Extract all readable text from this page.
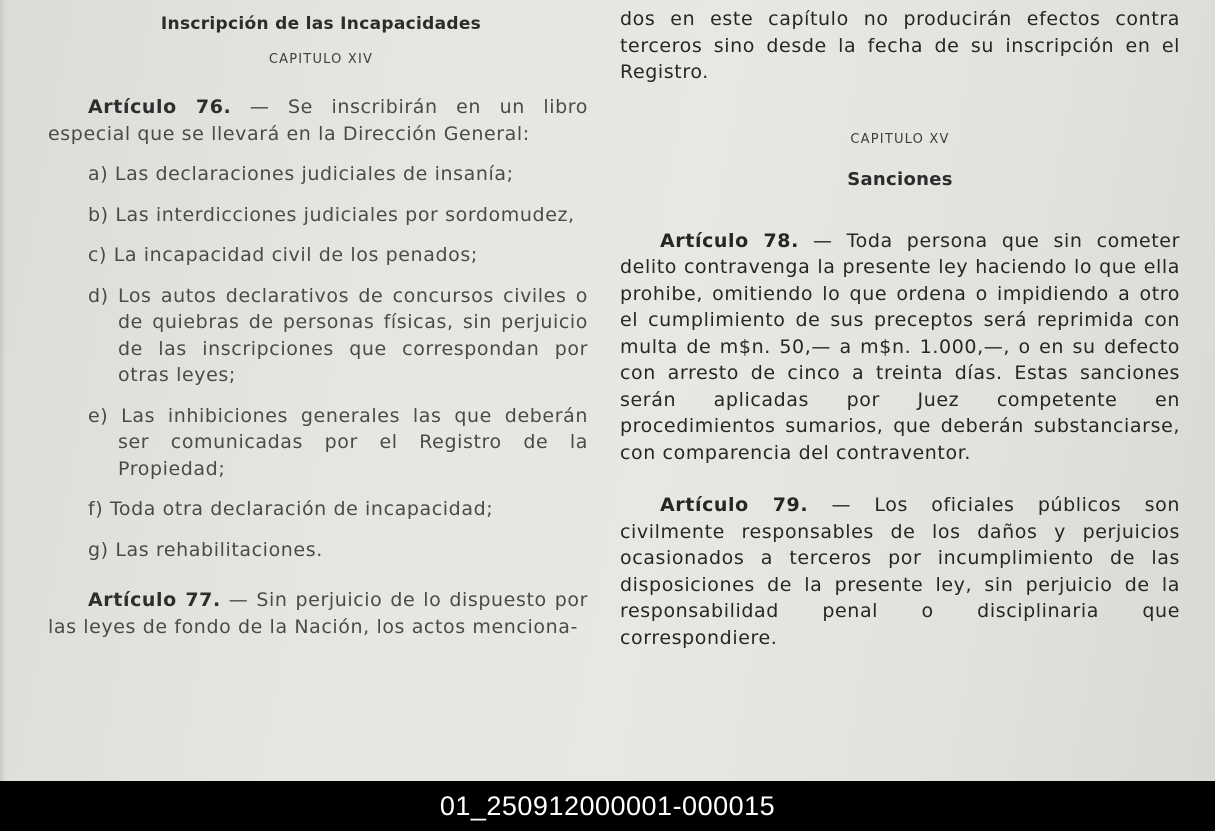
Inscripción de las Incapacidades
CAPITULO XIV

Artículo 76. — Se inscribirán en un libro especial que se llevará en la Dirección General:

a) Las declaraciones judiciales de insanía;
b) Las interdicciones judiciales por sordomudez,
c) La incapacidad civil de los penados;
d) Los autos declarativos de concursos civiles o de quiebras de personas físicas, sin perjuicio de las inscripciones que correspondan por otras leyes;
e) Las inhibiciones generales las que deberán ser comunicadas por el Registro de la Propiedad;
f) Toda otra declaración de incapacidad;
g) Las rehabilitaciones.

Artículo 77. — Sin perjuicio de lo dispuesto por las leyes de fondo de la Nación, los actos menciona-

dos en este capítulo no producirán efectos contra terceros sino desde la fecha de su inscripción en el Registro.

CAPITULO XV
Sanciones

Artículo 78. — Toda persona que sin cometer delito contravenga la presente ley haciendo lo que ella prohibe, omitiendo lo que ordena o impidiendo a otro el cumplimiento de sus preceptos será reprimida con multa de m$n. 50,— a m$n. 1.000,—, o en su defecto con arresto de cinco a treinta días. Estas sanciones serán aplicadas por Juez competente en procedimientos sumarios, que deberán substanciarse, con comparencia del contraventor.

Artículo 79. — Los oficiales públicos son civilmente responsables de los daños y perjuicios ocasionados a terceros por incumplimiento de las disposiciones de la presente ley, sin perjuicio de la responsabilidad penal o disciplinaria que correspondiere.

01_250912000001-000015
